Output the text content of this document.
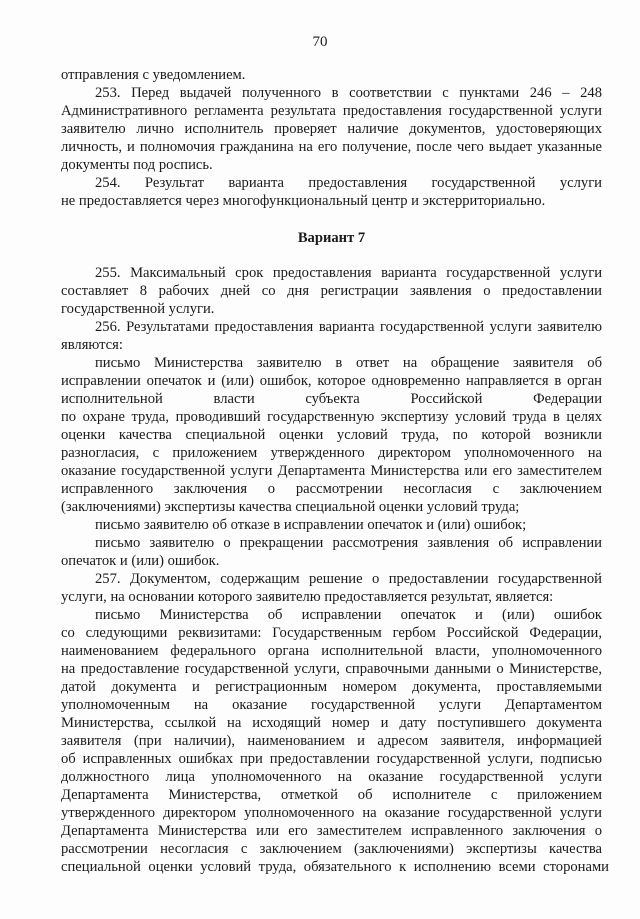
70
отправления с уведомлением.
253. Перед выдачей полученного в соответствии с пунктами 246 – 248
Административного регламента результата предоставления государственной услуги
заявителю лично исполнитель проверяет наличие документов, удостоверяющих
личность, и полномочия гражданина на его получение, после чего выдает указанные
документы под роспись.
254. Результат варианта предоставления государственной услуги
не предоставляется через многофункциональный центр и экстерриториально.
Вариант 7
255. Максимальный срок предоставления варианта государственной услуги
составляет 8 рабочих дней со дня регистрации заявления о предоставлении
государственной услуги.
256. Результатами предоставления варианта государственной услуги заявителю
являются:
письмо Министерства заявителю в ответ на обращение заявителя об
исправлении опечаток и (или) ошибок, которое одновременно направляется в орган
исполнительной власти субъекта Российской Федерации
по охране труда, проводивший государственную экспертизу условий труда в целях
оценки качества специальной оценки условий труда, по которой возникли
разногласия, с приложением утвержденного директором уполномоченного на
оказание государственной услуги Департамента Министерства или его заместителем
исправленного заключения о рассмотрении несогласия с заключением
(заключениями) экспертизы качества специальной оценки условий труда;
письмо заявителю об отказе в исправлении опечаток и (или) ошибок;
письмо заявителю о прекращении рассмотрения заявления об исправлении
опечаток и (или) ошибок.
257. Документом, содержащим решение о предоставлении государственной
услуги, на основании которого заявителю предоставляется результат, является:
письмо Министерства об исправлении опечаток и (или) ошибок
со следующими реквизитами: Государственным гербом Российской Федерации,
наименованием федерального органа исполнительной власти, уполномоченного
на предоставление государственной услуги, справочными данными о Министерстве,
датой документа и регистрационным номером документа, проставляемыми
уполномоченным на оказание государственной услуги Департаментом
Министерства, ссылкой на исходящий номер и дату поступившего документа
заявителя (при наличии), наименованием и адресом заявителя, информацией
об исправленных ошибках при предоставлении государственной услуги, подписью
должностного лица уполномоченного на оказание государственной услуги
Департамента Министерства, отметкой об исполнителе с приложением
утвержденного директором уполномоченного на оказание государственной услуги
Департамента Министерства или его заместителем исправленного заключения о
рассмотрении несогласия с заключением (заключениями) экспертизы качества
специальной оценки условий труда, обязательного к исполнению всеми сторонами
